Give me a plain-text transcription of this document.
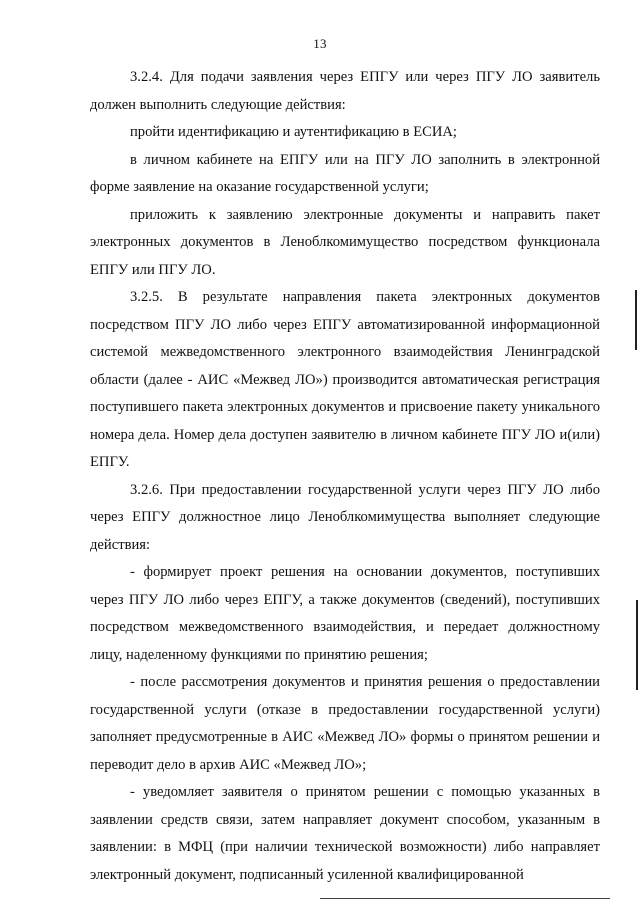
13

3.2.4. Для подачи заявления через ЕПГУ или через ПГУ ЛО заявитель должен выполнить следующие действия:

пройти идентификацию и аутентификацию в ЕСИА;

в личном кабинете на ЕПГУ или на ПГУ ЛО заполнить в электронной форме заявление на оказание государственной услуги;

приложить к заявлению электронные документы и направить пакет электронных документов в Леноблкомимущество посредством функционала ЕПГУ или ПГУ ЛО.

3.2.5. В результате направления пакета электронных документов посредством ПГУ ЛО либо через ЕПГУ автоматизированной информационной системой межведомственного электронного взаимодействия Ленинградской области (далее - АИС «Межвед ЛО») производится автоматическая регистрация поступившего пакета электронных документов и присвоение пакету уникального номера дела. Номер дела доступен заявителю в личном кабинете ПГУ ЛО и(или) ЕПГУ.

3.2.6. При предоставлении государственной услуги через ПГУ ЛО либо через ЕПГУ должностное лицо Леноблкомимущества выполняет следующие действия:

- формирует проект решения на основании документов, поступивших через ПГУ ЛО либо через ЕПГУ, а также документов (сведений), поступивших посредством межведомственного взаимодействия, и передает должностному лицу, наделенному функциями по принятию решения;

- после рассмотрения документов и принятия решения о предоставлении государственной услуги (отказе в предоставлении государственной услуги) заполняет предусмотренные в АИС «Межвед ЛО» формы о принятом решении и переводит дело в архив АИС «Межвед ЛО»;

- уведомляет заявителя о принятом решении с помощью указанных в заявлении средств связи, затем направляет документ способом, указанным в заявлении: в МФЦ (при наличии технической возможности) либо направляет электронный документ, подписанный усиленной квалифицированной
